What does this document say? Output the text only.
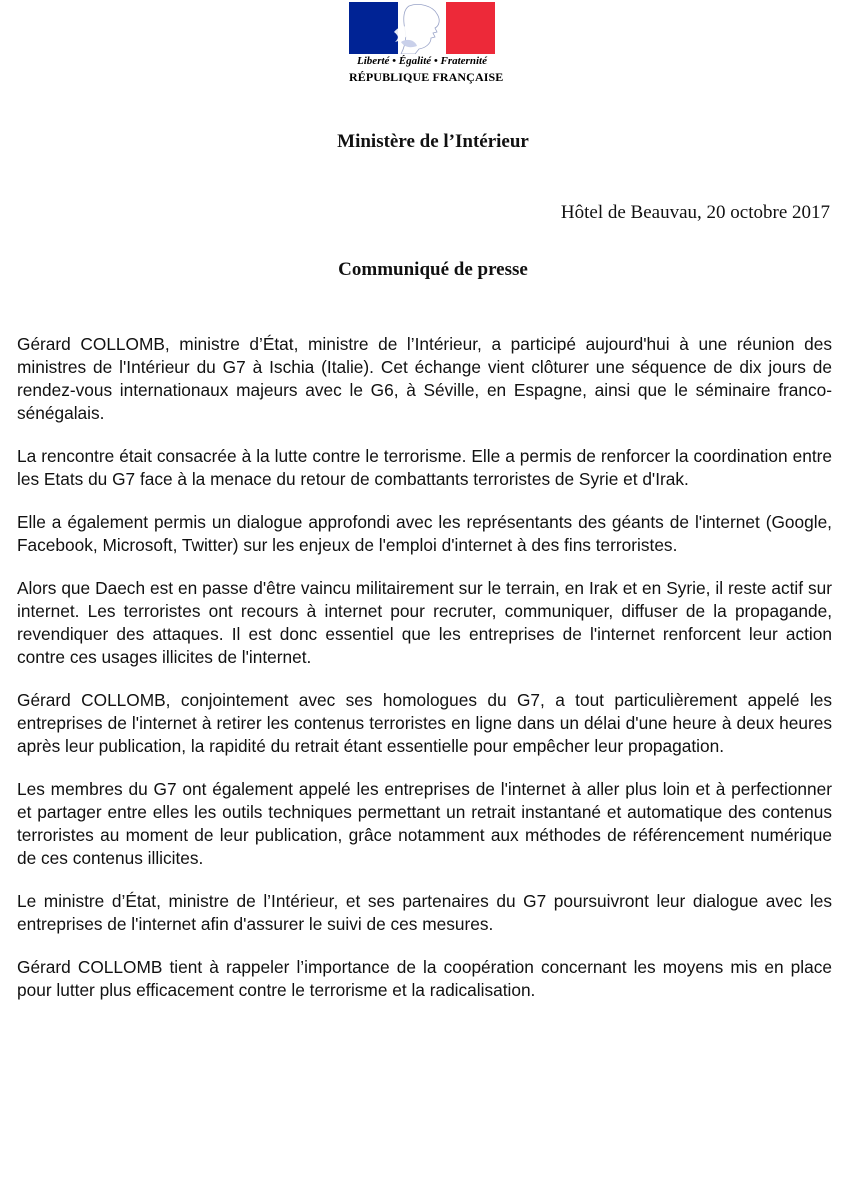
Liberté • Égalité • Fraternité
RÉPUBLIQUE FRANÇAISE
Ministère de l’Intérieur
Hôtel de Beauvau, 20 octobre 2017
Communiqué de presse

Gérard COLLOMB, ministre d’État, ministre de l’Intérieur, a participé aujourd'hui à une réunion des ministres de l'Intérieur du G7 à Ischia (Italie). Cet échange vient clôturer une séquence de dix jours de rendez-vous internationaux majeurs avec le G6, à Séville, en Espagne, ainsi que le séminaire franco-sénégalais.

La rencontre était consacrée à la lutte contre le terrorisme. Elle a permis de renforcer la coordination entre les Etats du G7 face à la menace du retour de combattants terroristes de Syrie et d'Irak.

Elle a également permis un dialogue approfondi avec les représentants des géants de l'internet (Google, Facebook, Microsoft, Twitter) sur les enjeux de l'emploi d'internet à des fins terroristes.

Alors que Daech est en passe d'être vaincu militairement sur le terrain, en Irak et en Syrie, il reste actif sur internet. Les terroristes ont recours à internet pour recruter, communiquer, diffuser de la propagande, revendiquer des attaques. Il est donc essentiel que les entreprises de l'internet renforcent leur action contre ces usages illicites de l'internet.

Gérard COLLOMB, conjointement avec ses homologues du G7, a tout particulièrement appelé les entreprises de l'internet à retirer les contenus terroristes en ligne dans un délai d'une heure à deux heures après leur publication, la rapidité du retrait étant essentielle pour empêcher leur propagation.

Les membres du G7 ont également appelé les entreprises de l'internet à aller plus loin et à perfectionner et partager entre elles les outils techniques permettant un retrait instantané et automatique des contenus terroristes au moment de leur publication, grâce notamment aux méthodes de référencement numérique de ces contenus illicites.

Le ministre d’État, ministre de l’Intérieur, et ses partenaires du G7 poursuivront leur dialogue avec les entreprises de l'internet afin d'assurer le suivi de ces mesures.

Gérard COLLOMB tient à rappeler l’importance de la coopération concernant les moyens mis en place pour lutter plus efficacement contre le terrorisme et la radicalisation.
